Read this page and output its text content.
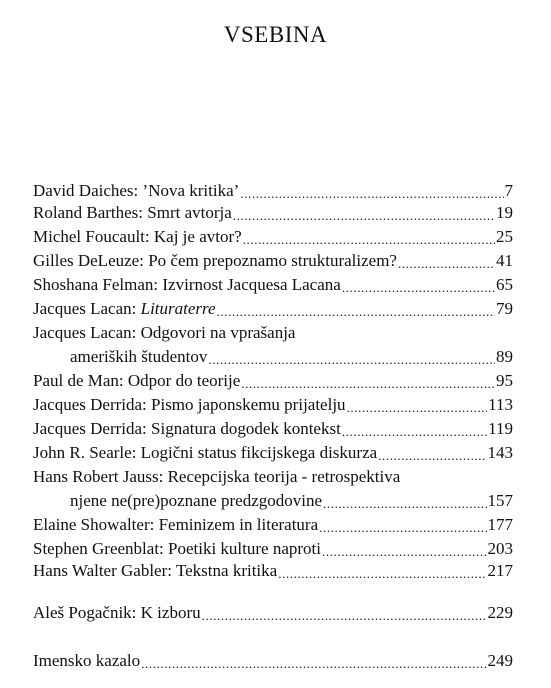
VSEBINA
David Daiches: ’Nova kritika’ .....	7
Roland Barthes: Smrt avtorja .....	19
Michel Foucault: Kaj je avtor? .....	25
Gilles DeLeuze: Po čem prepoznamo strukturalizem? .....	41
Shoshana Felman: Izvirnost Jacquesa Lacana .....	65
Jacques Lacan: Lituraterre .....	79
Jacques Lacan: Odgovori na vprašanja
ameriških študentov .....	89
Paul de Man: Odpor do teorije .....	95
Jacques Derrida: Pismo japonskemu prijatelju .....	113
Jacques Derrida: Signatura dogodek kontekst .....	119
John R. Searle: Logični status fikcijskega diskurza .....	143
Hans Robert Jauss: Recepcijska teorija - retrospektiva
njene ne(pre)poznane predzgodovine .....	157
Elaine Showalter: Feminizem in literatura .....	177
Stephen Greenblat: Poetiki kulture naproti .....	203
Hans Walter Gabler: Tekstna kritika .....	217
Aleš Pogačnik: K izboru .....	229
Imensko kazalo .....	249
